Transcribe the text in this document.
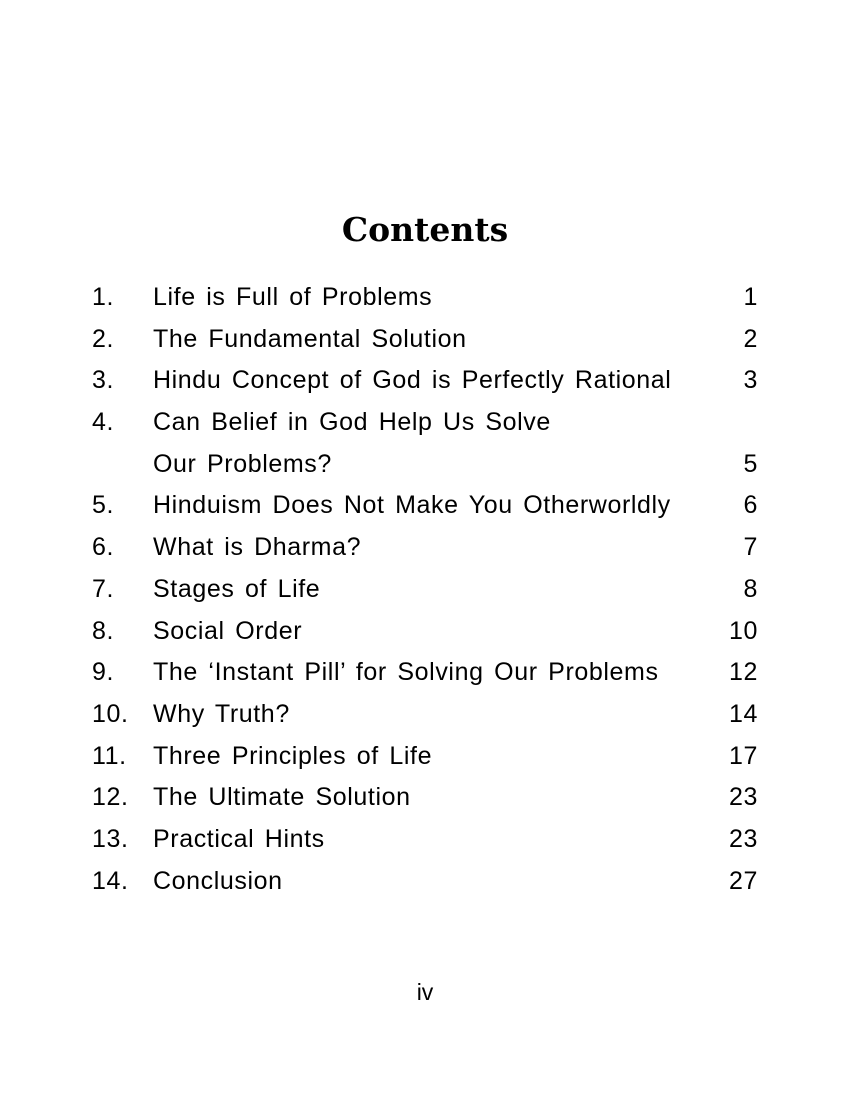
Contents
1. Life is Full of Problems	1
2. The Fundamental Solution	2
3. Hindu Concept of God is Perfectly Rational	3
4. Can Belief in God Help Us Solve
Our Problems?	5
5. Hinduism Does Not Make You Otherworldly	6
6. What is Dharma?	7
7. Stages of Life	8
8. Social Order	10
9. The ‘Instant Pill’ for Solving Our Problems	12
10. Why Truth?	14
11. Three Principles of Life	17
12. The Ultimate Solution	23
13. Practical Hints	23
14. Conclusion	27
iv
